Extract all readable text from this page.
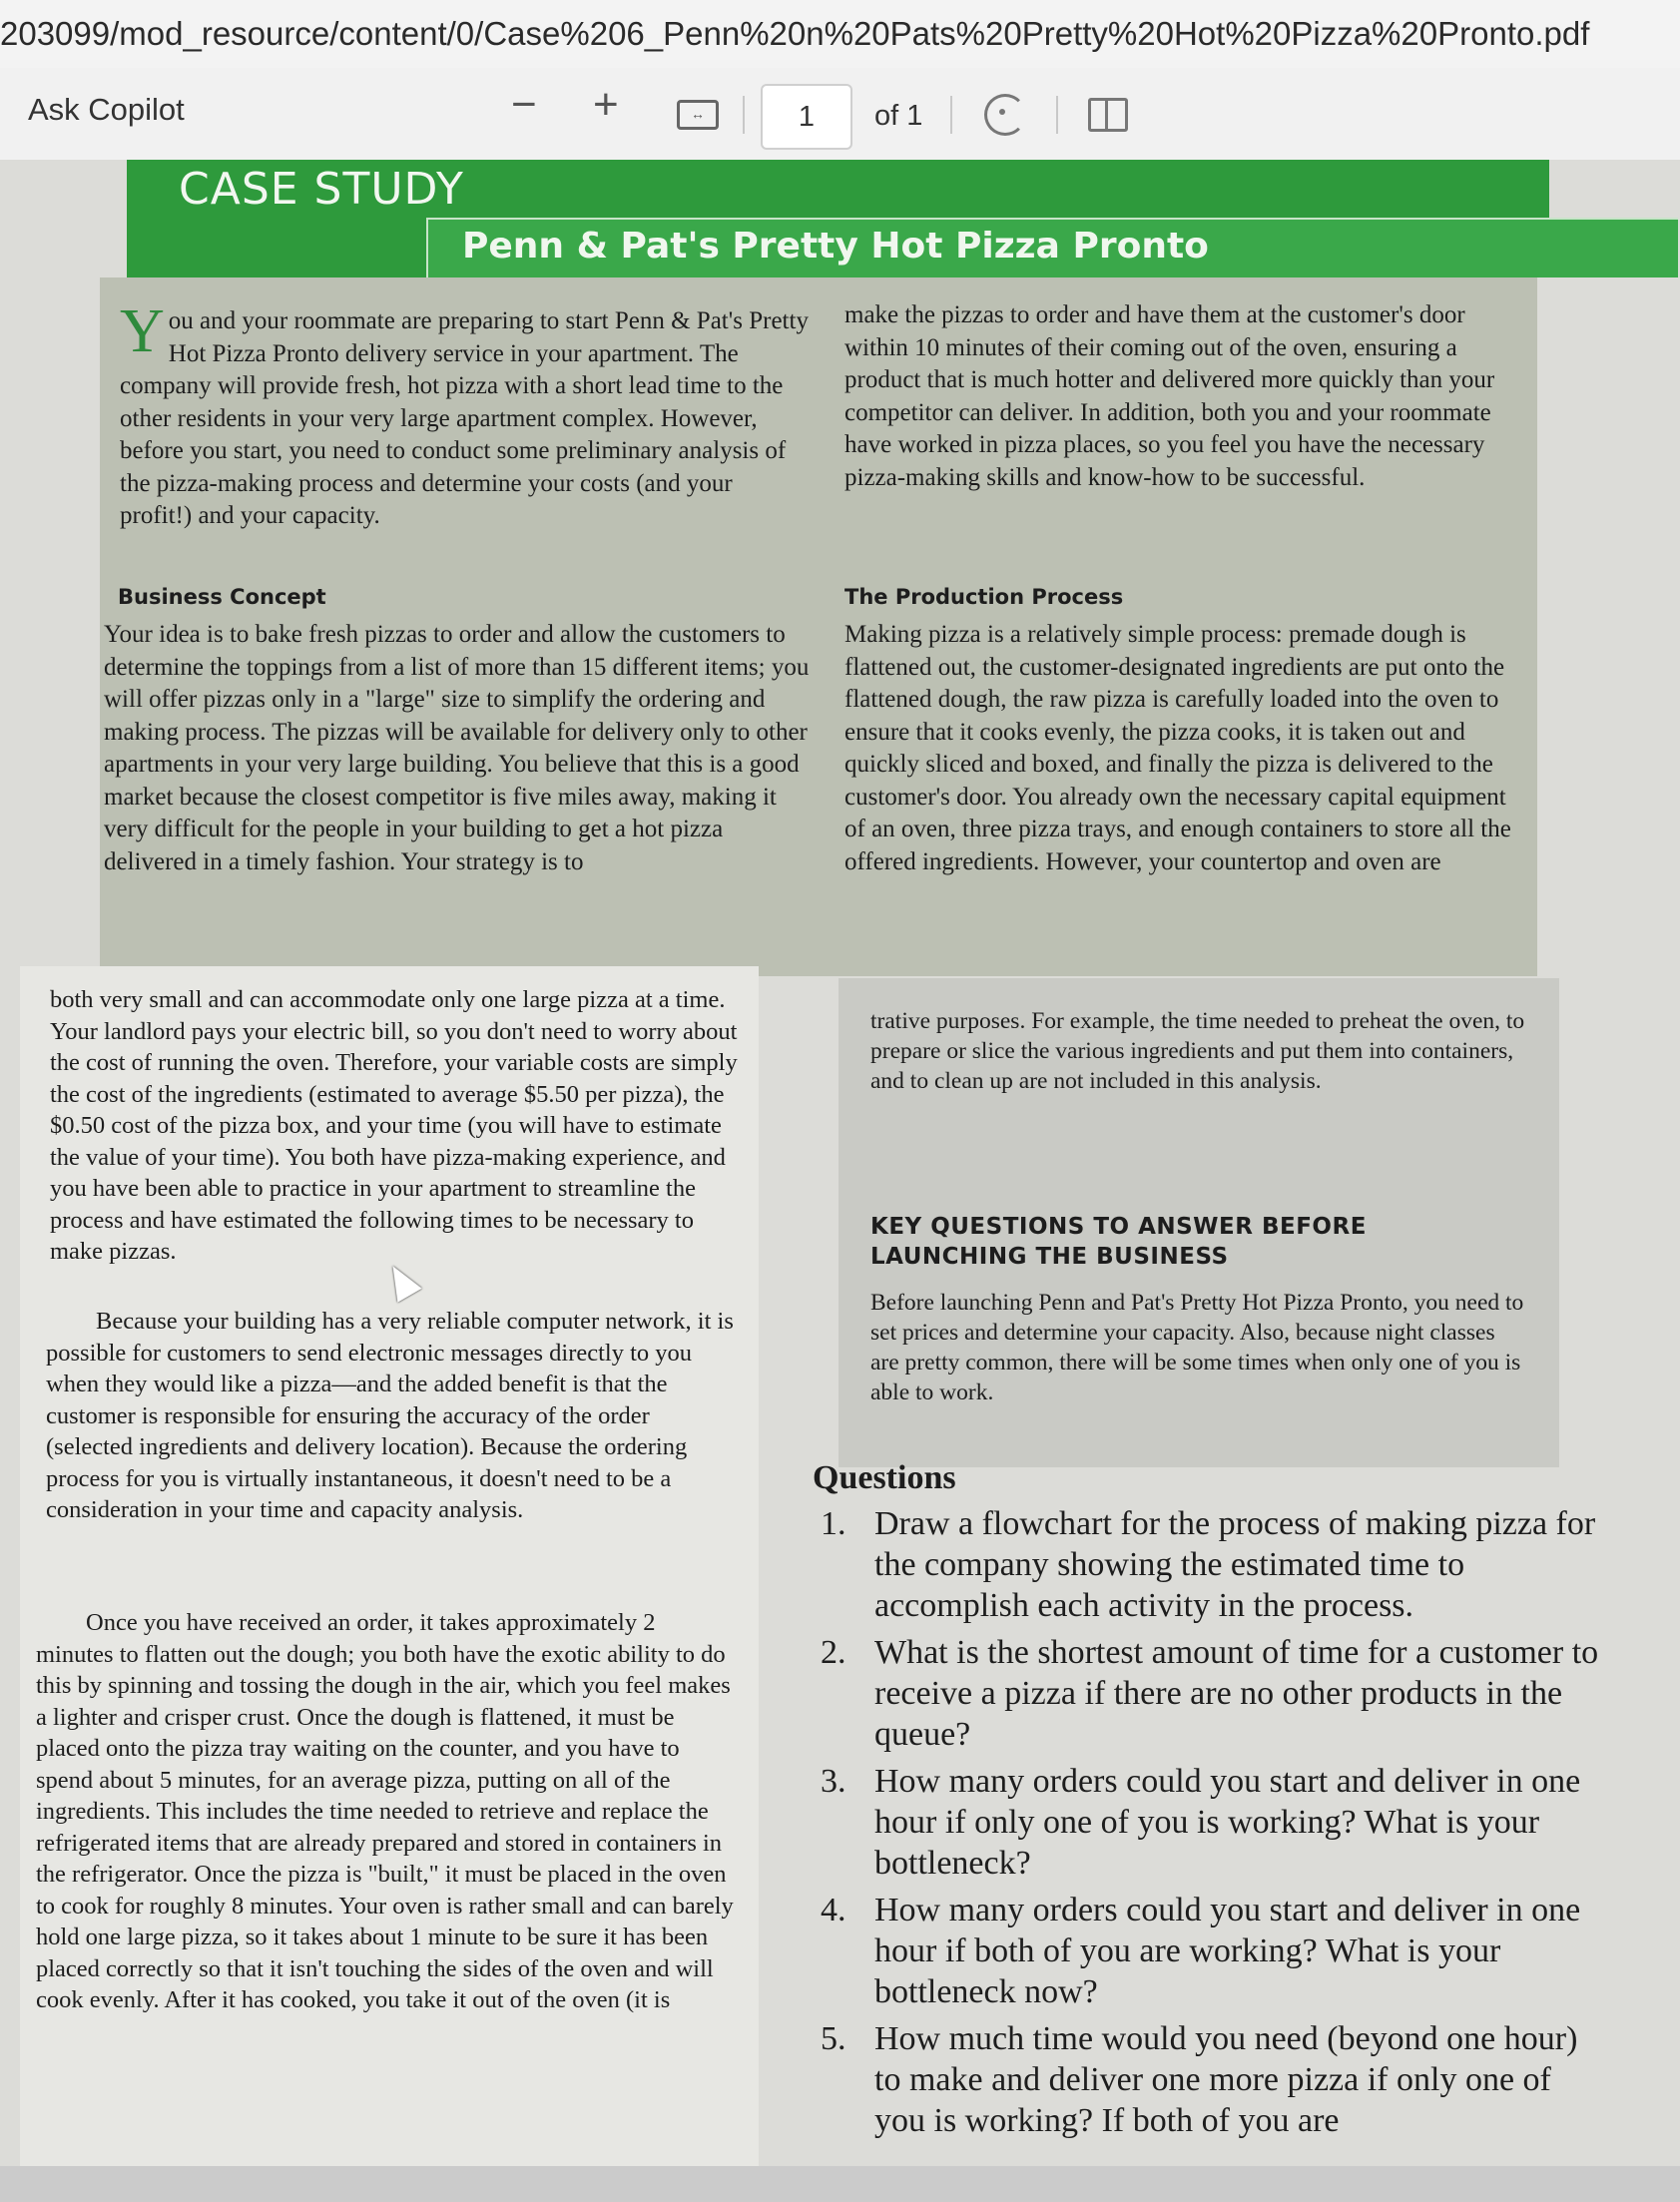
203099/mod_resource/content/0/Case%206_Penn%20n%20Pats%20Pretty%20Hot%20Pizza%20Pronto.pdf
Ask Copilot	− +	↔	1	of 1
CASE STUDY
Penn & Pat's Pretty Hot Pizza Pronto

You and your roommate are preparing to start Penn & Pat's Pretty Hot Pizza Pronto delivery service in your apartment. The company will provide fresh, hot pizza with a short lead time to the other residents in your very large apartment complex. However, before you start, you need to conduct some preliminary analysis of the pizza-making process and determine your costs (and your profit!) and your capacity.

make the pizzas to order and have them at the customer's door within 10 minutes of their coming out of the oven, ensuring a product that is much hotter and delivered more quickly than your competitor can deliver. In addition, both you and your roommate have worked in pizza places, so you feel you have the necessary pizza-making skills and know-how to be successful.

Business Concept

Your idea is to bake fresh pizzas to order and allow the customers to determine the toppings from a list of more than 15 different items; you will offer pizzas only in a "large" size to simplify the ordering and making process. The pizzas will be available for delivery only to other apartments in your very large building. You believe that this is a good market because the closest competitor is five miles away, making it very difficult for the people in your building to get a hot pizza delivered in a timely fashion. Your strategy is to

The Production Process

Making pizza is a relatively simple process: premade dough is flattened out, the customer-designated ingredients are put onto the flattened dough, the raw pizza is carefully loaded into the oven to ensure that it cooks evenly, the pizza cooks, it is taken out and quickly sliced and boxed, and finally the pizza is delivered to the customer's door. You already own the necessary capital equipment of an oven, three pizza trays, and enough containers to store all the offered ingredients. However, your countertop and oven are

both very small and can accommodate only one large pizza at a time. Your landlord pays your electric bill, so you don't need to worry about the cost of running the oven. Therefore, your variable costs are simply the cost of the ingredients (estimated to average $5.50 per pizza), the $0.50 cost of the pizza box, and your time (you will have to estimate the value of your time). You both have pizza-making experience, and you have been able to practice in your apartment to streamline the process and have estimated the following times to be necessary to make pizzas.

Because your building has a very reliable computer network, it is possible for customers to send electronic messages directly to you when they would like a pizza—and the added benefit is that the customer is responsible for ensuring the accuracy of the order (selected ingredients and delivery location). Because the ordering process for you is virtually instantaneous, it doesn't need to be a consideration in your time and capacity analysis.

Once you have received an order, it takes approximately 2 minutes to flatten out the dough; you both have the exotic ability to do this by spinning and tossing the dough in the air, which you feel makes a lighter and crisper crust. Once the dough is flattened, it must be placed onto the pizza tray waiting on the counter, and you have to spend about 5 minutes, for an average pizza, putting on all of the ingredients. This includes the time needed to retrieve and replace the refrigerated items that are already prepared and stored in containers in the refrigerator. Once the pizza is "built," it must be placed in the oven to cook for roughly 8 minutes. Your oven is rather small and can barely hold one large pizza, so it takes about 1 minute to be sure it has been placed correctly so that it isn't touching the sides of the oven and will cook evenly. After it has cooked, you take it out of the oven (it is

trative purposes. For example, the time needed to preheat the oven, to prepare or slice the various ingredients and put them into containers, and to clean up are not included in this analysis.

KEY QUESTIONS TO ANSWER BEFORE LAUNCHING THE BUSINESS

Before launching Penn and Pat's Pretty Hot Pizza Pronto, you need to set prices and determine your capacity. Also, because night classes are pretty common, there will be some times when only one of you is able to work.

Questions
1. Draw a flowchart for the process of making pizza for the company showing the estimated time to accomplish each activity in the process.
2. What is the shortest amount of time for a customer to receive a pizza if there are no other products in the queue?
3. How many orders could you start and deliver in one hour if only one of you is working? What is your bottleneck?
4. How many orders could you start and deliver in one hour if both of you are working? What is your bottleneck now?
5. How much time would you need (beyond one hour) to make and deliver one more pizza if only one of you is working? If both of you are
